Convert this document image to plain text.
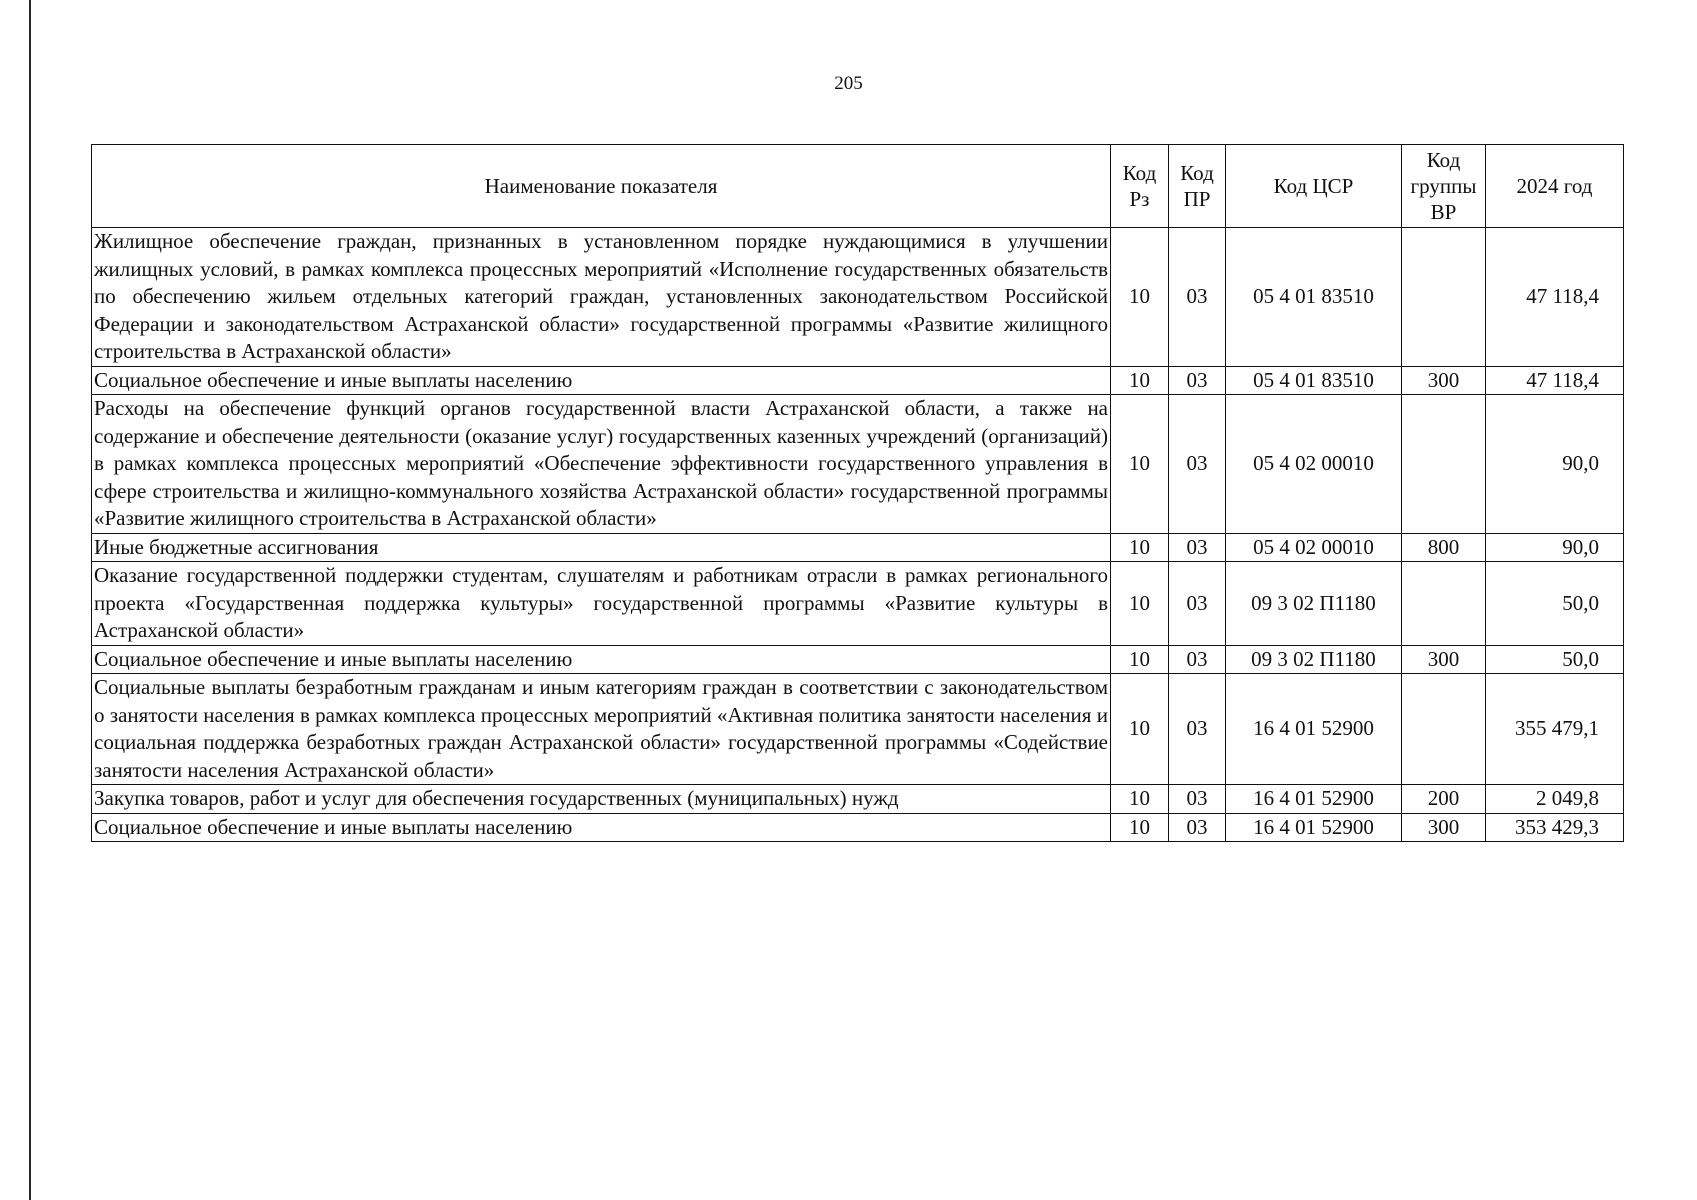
205
Наименование показателя	Код Рз	Код ПР	Код ЦСР	Код группы ВР	2024 год
Жилищное обеспечение граждан, признанных в установленном порядке нуждающимися в улучшении жилищных условий, в рамках комплекса процессных мероприятий «Исполнение государственных обязательств по обеспечению жильем отдельных категорий граждан, установленных законодательством Российской Федерации и законодательством Астраханской области» государственной программы «Развитие жилищного строительства в Астраханской области»	10	03	05 4 01 83510		47 118,4
Социальное обеспечение и иные выплаты населению	10	03	05 4 01 83510	300	47 118,4
Расходы на обеспечение функций органов государственной власти Астраханской области, а также на содержание и обеспечение деятельности (оказание услуг) государственных казенных учреждений (организаций) в рамках комплекса процессных мероприятий «Обеспечение эффективности государственного управления в сфере строительства и жилищно-коммунального хозяйства Астраханской области» государственной программы «Развитие жилищного строительства в Астраханской области»	10	03	05 4 02 00010		90,0
Иные бюджетные ассигнования	10	03	05 4 02 00010	800	90,0
Оказание государственной поддержки студентам, слушателям и работникам отрасли в рамках регионального проекта «Государственная поддержка культуры» государственной программы «Развитие культуры в Астраханской области»	10	03	09 3 02 П1180		50,0
Социальное обеспечение и иные выплаты населению	10	03	09 3 02 П1180	300	50,0
Социальные выплаты безработным гражданам и иным категориям граждан в соответствии с законодательством о занятости населения в рамках комплекса процессных мероприятий «Активная политика занятости населения и социальная поддержка безработных граждан Астраханской области» государственной программы «Содействие занятости населения Астраханской области»	10	03	16 4 01 52900		355 479,1
Закупка товаров, работ и услуг для обеспечения государственных (муниципальных) нужд	10	03	16 4 01 52900	200	2 049,8
Социальное обеспечение и иные выплаты населению	10	03	16 4 01 52900	300	353 429,3
